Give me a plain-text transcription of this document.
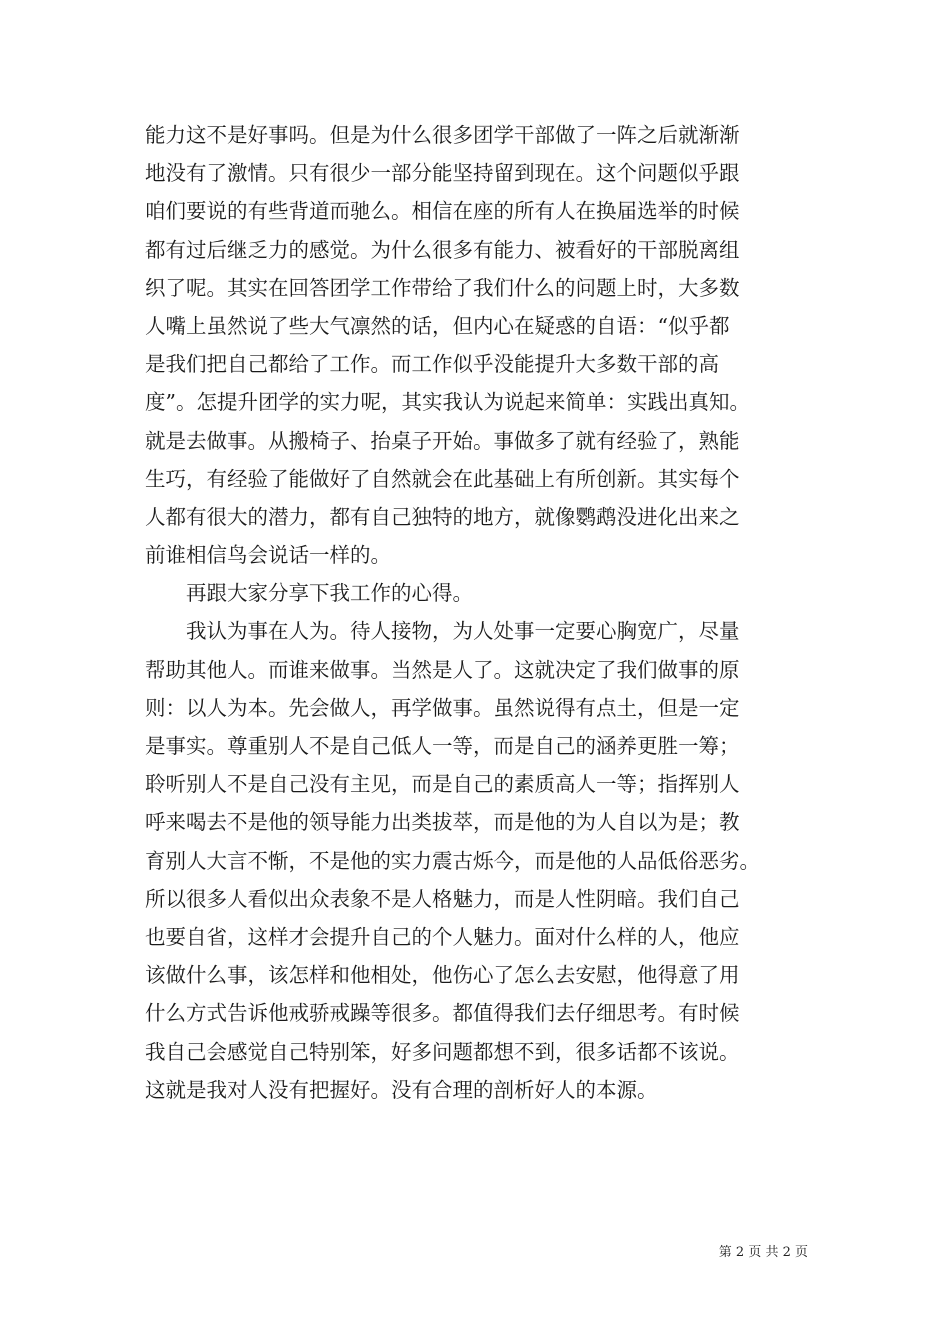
能力这不是好事吗。但是为什么很多团学干部做了一阵之后就渐渐
地没有了激情。只有很少一部分能坚持留到现在。这个问题似乎跟
咱们要说的有些背道而驰么。相信在座的所有人在换届选举的时候
都有过后继乏力的感觉。为什么很多有能力、被看好的干部脱离组
织了呢。其实在回答团学工作带给了我们什么的问题上时，大多数
人嘴上虽然说了些大气凛然的话，但内心在疑惑的自语：“似乎都
是我们把自己都给了工作。而工作似乎没能提升大多数干部的高
度”。怎提升团学的实力呢，其实我认为说起来简单：实践出真知。
就是去做事。从搬椅子、抬桌子开始。事做多了就有经验了，熟能
生巧，有经验了能做好了自然就会在此基础上有所创新。其实每个
人都有很大的潜力，都有自己独特的地方，就像鹦鹉没进化出来之
前谁相信鸟会说话一样的。
再跟大家分享下我工作的心得。
我认为事在人为。待人接物，为人处事一定要心胸宽广，尽量
帮助其他人。而谁来做事。当然是人了。这就决定了我们做事的原
则：以人为本。先会做人，再学做事。虽然说得有点土，但是一定
是事实。尊重别人不是自己低人一等，而是自己的涵养更胜一筹；
聆听别人不是自己没有主见，而是自己的素质高人一等；指挥别人
呼来喝去不是他的领导能力出类拔萃，而是他的为人自以为是；教
育别人大言不惭，不是他的实力震古烁今，而是他的人品低俗恶劣。
所以很多人看似出众表象不是人格魅力，而是人性阴暗。我们自己
也要自省，这样才会提升自己的个人魅力。面对什么样的人，他应
该做什么事，该怎样和他相处，他伤心了怎么去安慰，他得意了用
什么方式告诉他戒骄戒躁等很多。都值得我们去仔细思考。有时候
我自己会感觉自己特别笨，好多问题都想不到，很多话都不该说。
这就是我对人没有把握好。没有合理的剖析好人的本源。
第 2 页 共 2 页
